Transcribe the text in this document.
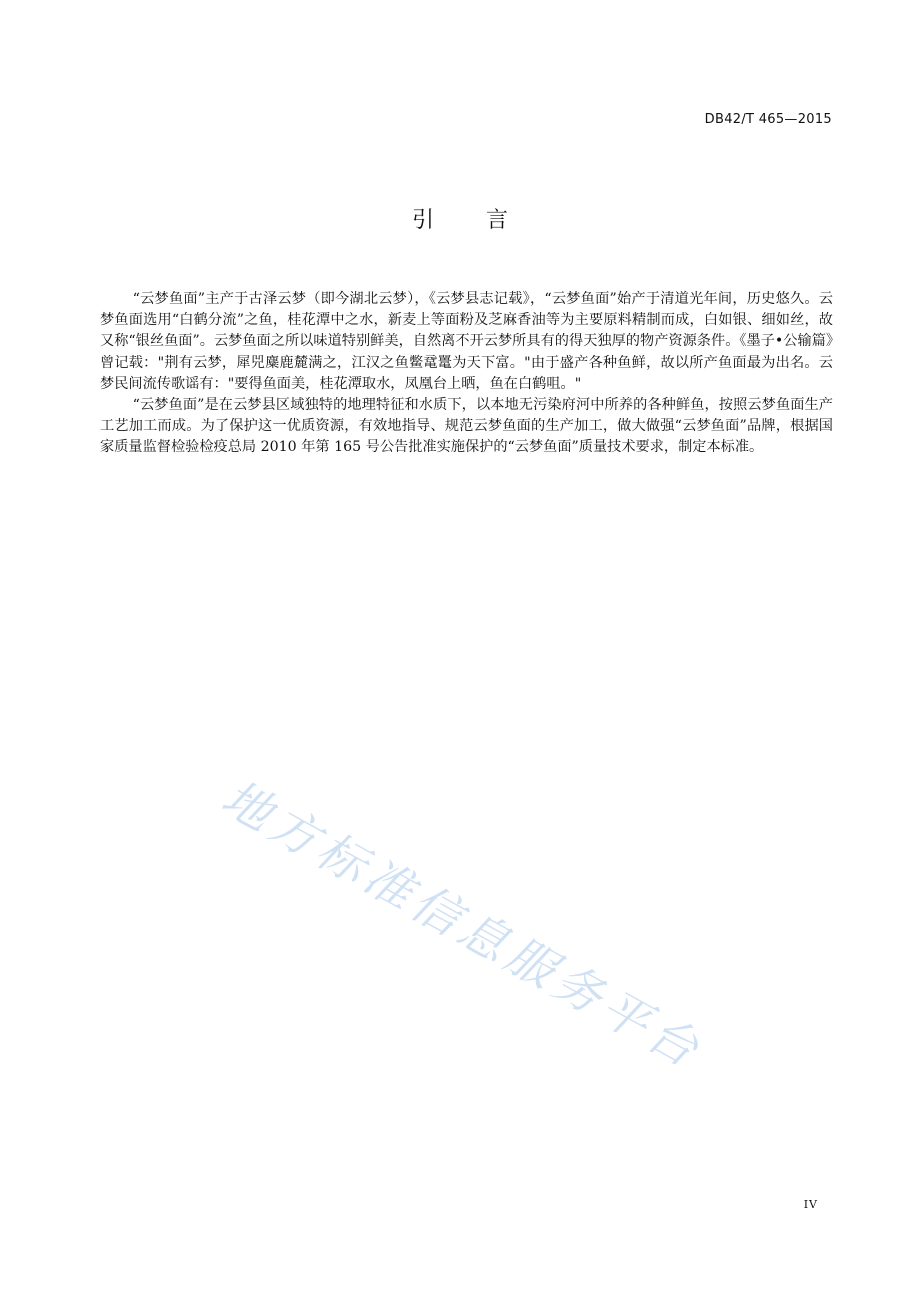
DB42/T 465—2015
引言

“云梦鱼面”主产于古泽云梦（即今湖北云梦），《云梦县志记载》，“云梦鱼面”始产于清道光年间，历史悠久。云梦鱼面选用“白鹤分流”之鱼，桂花潭中之水，新麦上等面粉及芝麻香油等为主要原料精制而成，白如银、细如丝，故又称“银丝鱼面”。云梦鱼面之所以味道特别鲜美，自然离不开云梦所具有的得天独厚的物产资源条件。《墨子•公输篇》曾记载："荆有云梦，犀兕麋鹿麓满之，江汉之鱼鳖鼋鼍为天下富。"由于盛产各种鱼鲜，故以所产鱼面最为出名。云梦民间流传歌谣有："要得鱼面美，桂花潭取水，凤凰台上晒，鱼在白鹤咀。"

“云梦鱼面”是在云梦县区域独特的地理特征和水质下，以本地无污染府河中所养的各种鲜鱼，按照云梦鱼面生产工艺加工而成。为了保护这一优质资源，有效地指导、规范云梦鱼面的生产加工，做大做强“云梦鱼面”品牌，根据国家质量监督检验检疫总局 2010 年第 165 号公告批准实施保护的“云梦鱼面”质量技术要求，制定本标准。

地方标准信息服务平台
IV
